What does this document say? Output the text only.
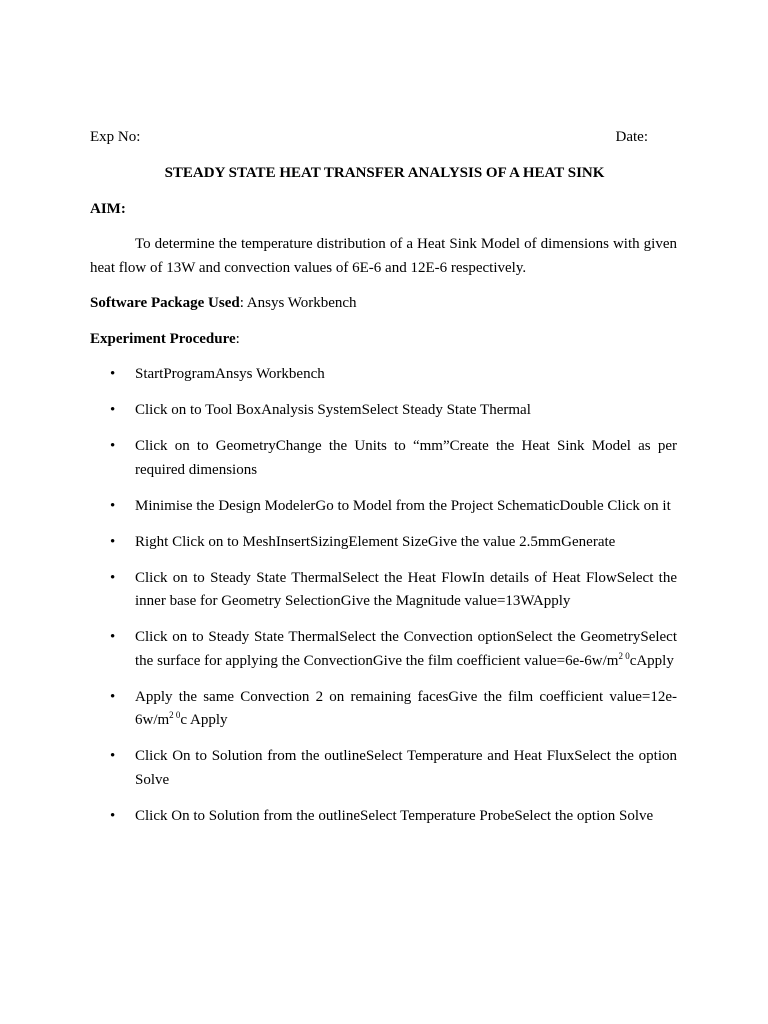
Exp No:	Date:
STEADY STATE HEAT TRANSFER ANALYSIS OF A HEAT SINK
AIM:
To determine the temperature distribution of a Heat Sink Model of dimensions with given heat flow of 13W and convection values of 6E-6 and 12E-6 respectively.
Software Package Used: Ansys Workbench
Experiment Procedure:
• StartProgramAnsys Workbench
• Click on to Tool BoxAnalysis SystemSelect Steady State Thermal
• Click on to GeometryChange the Units to “mm”Create the Heat Sink Model as per required dimensions
• Minimise the Design ModelerGo to Model from the Project SchematicDouble Click on it
• Right Click on to MeshInsertSizingElement SizeGive the value 2.5mmGenerate
• Click on to Steady State ThermalSelect the Heat FlowIn details of Heat FlowSelect the inner base for Geometry SelectionGive the Magnitude value=13WApply
• Click on to Steady State ThermalSelect the Convection optionSelect the GeometrySelect the surface for applying the ConvectionGive the film coefficient $value=6e-6w/m^{2 0}cApply$
• Apply the same Convection 2 on remaining facesGive the film coefficient $value=12e-6w/m^{2 0}c$ Apply
• Click On to Solution from the outlineSelect Temperature and Heat FluxSelect the option Solve
• Click On to Solution from the outlineSelect Temperature ProbeSelect the option Solve
